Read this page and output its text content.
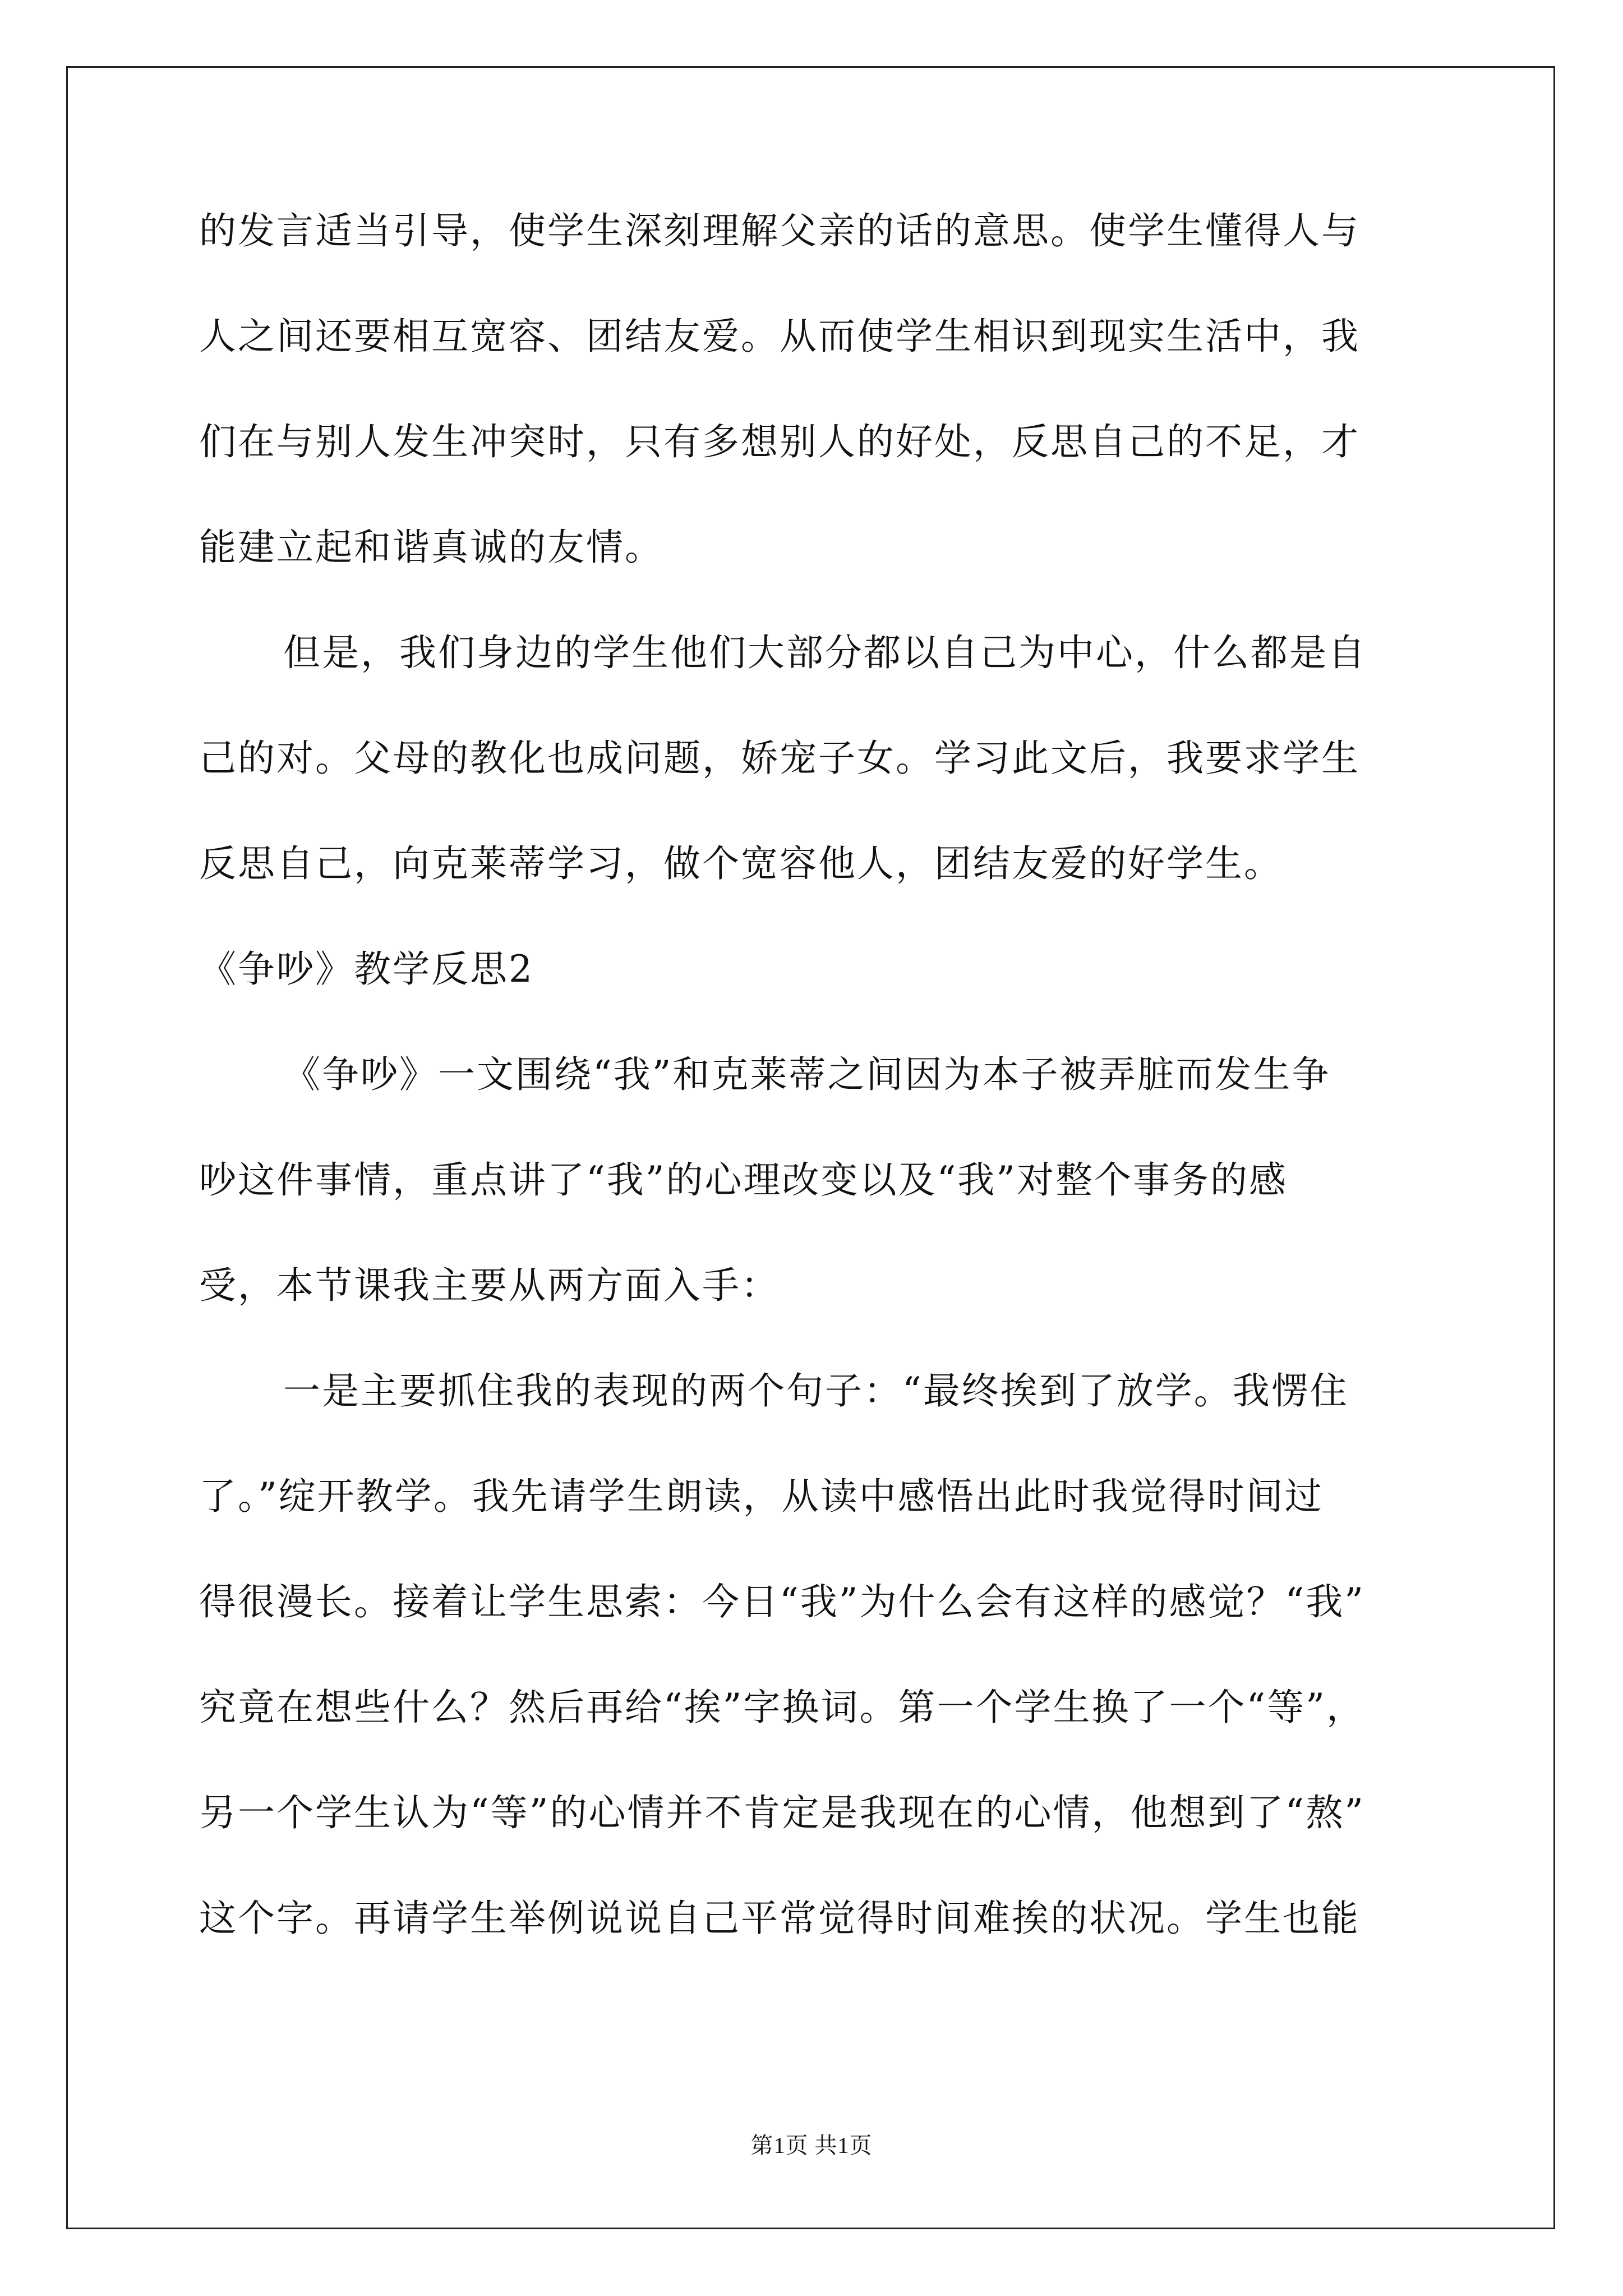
的发言适当引导，使学生深刻理解父亲的话的意思。使学生懂得人与
人之间还要相互宽容、团结友爱。从而使学生相识到现实生活中，我
们在与别人发生冲突时，只有多想别人的好处，反思自己的不足，才
能建立起和谐真诚的友情。
但是，我们身边的学生他们大部分都以自己为中心，什么都是自
己的对。父母的教化也成问题，娇宠子女。学习此文后，我要求学生
反思自己，向克莱蒂学习，做个宽容他人，团结友爱的好学生。
《争吵》教学反思2
《争吵》一文围绕“我”和克莱蒂之间因为本子被弄脏而发生争
吵这件事情，重点讲了“我”的心理改变以及“我”对整个事务的感
受，本节课我主要从两方面入手：
一是主要抓住我的表现的两个句子：“最终挨到了放学。我愣住
了。”绽开教学。我先请学生朗读，从读中感悟出此时我觉得时间过
得很漫长。接着让学生思索：今日“我”为什么会有这样的感觉？“我”
究竟在想些什么？然后再给“挨”字换词。第一个学生换了一个“等”，
另一个学生认为“等”的心情并不肯定是我现在的心情，他想到了“熬”
这个字。再请学生举例说说自己平常觉得时间难挨的状况。学生也能
第1页 共1页
